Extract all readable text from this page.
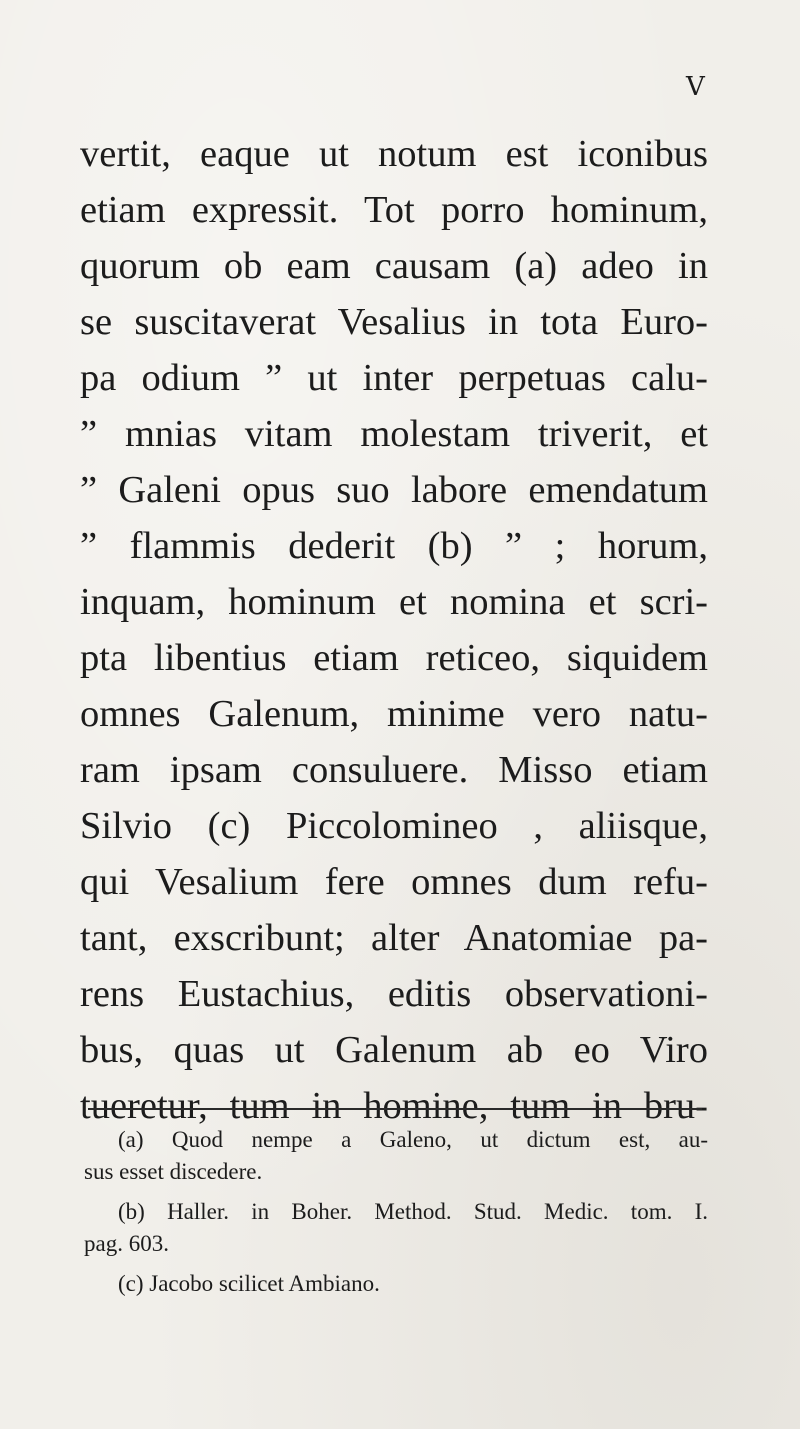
V
vertit, eaque ut notum est iconibus
etiam expressit. Tot porro hominum,
quorum ob eam causam (a) adeo in
se suscitaverat Vesalius in tota Euro-
pa odium ” ut inter perpetuas calu-
” mnias vitam molestam triverit, et
” Galeni opus suo labore emendatum
” flammis dederit (b) ” ; horum,
inquam, hominum et nomina et scri-
pta libentius etiam reticeo, siquidem
omnes Galenum, minime vero natu-
ram ipsam consuluere. Misso etiam
Silvio (c) Piccolomineo , aliisque,
qui Vesalium fere omnes dum refu-
tant, exscribunt; alter Anatomiae pa-
rens Eustachius, editis observationi-
bus, quas ut Galenum ab eo Viro
tueretur, tum in homine, tum in bru-
(a) Quod nempe a Galeno, ut dictum est, au-
sus esset discedere.
(b) Haller. in Boher. Method. Stud. Medic. tom. I.
pag. 603.
(c) Jacobo scilicet Ambiano.
